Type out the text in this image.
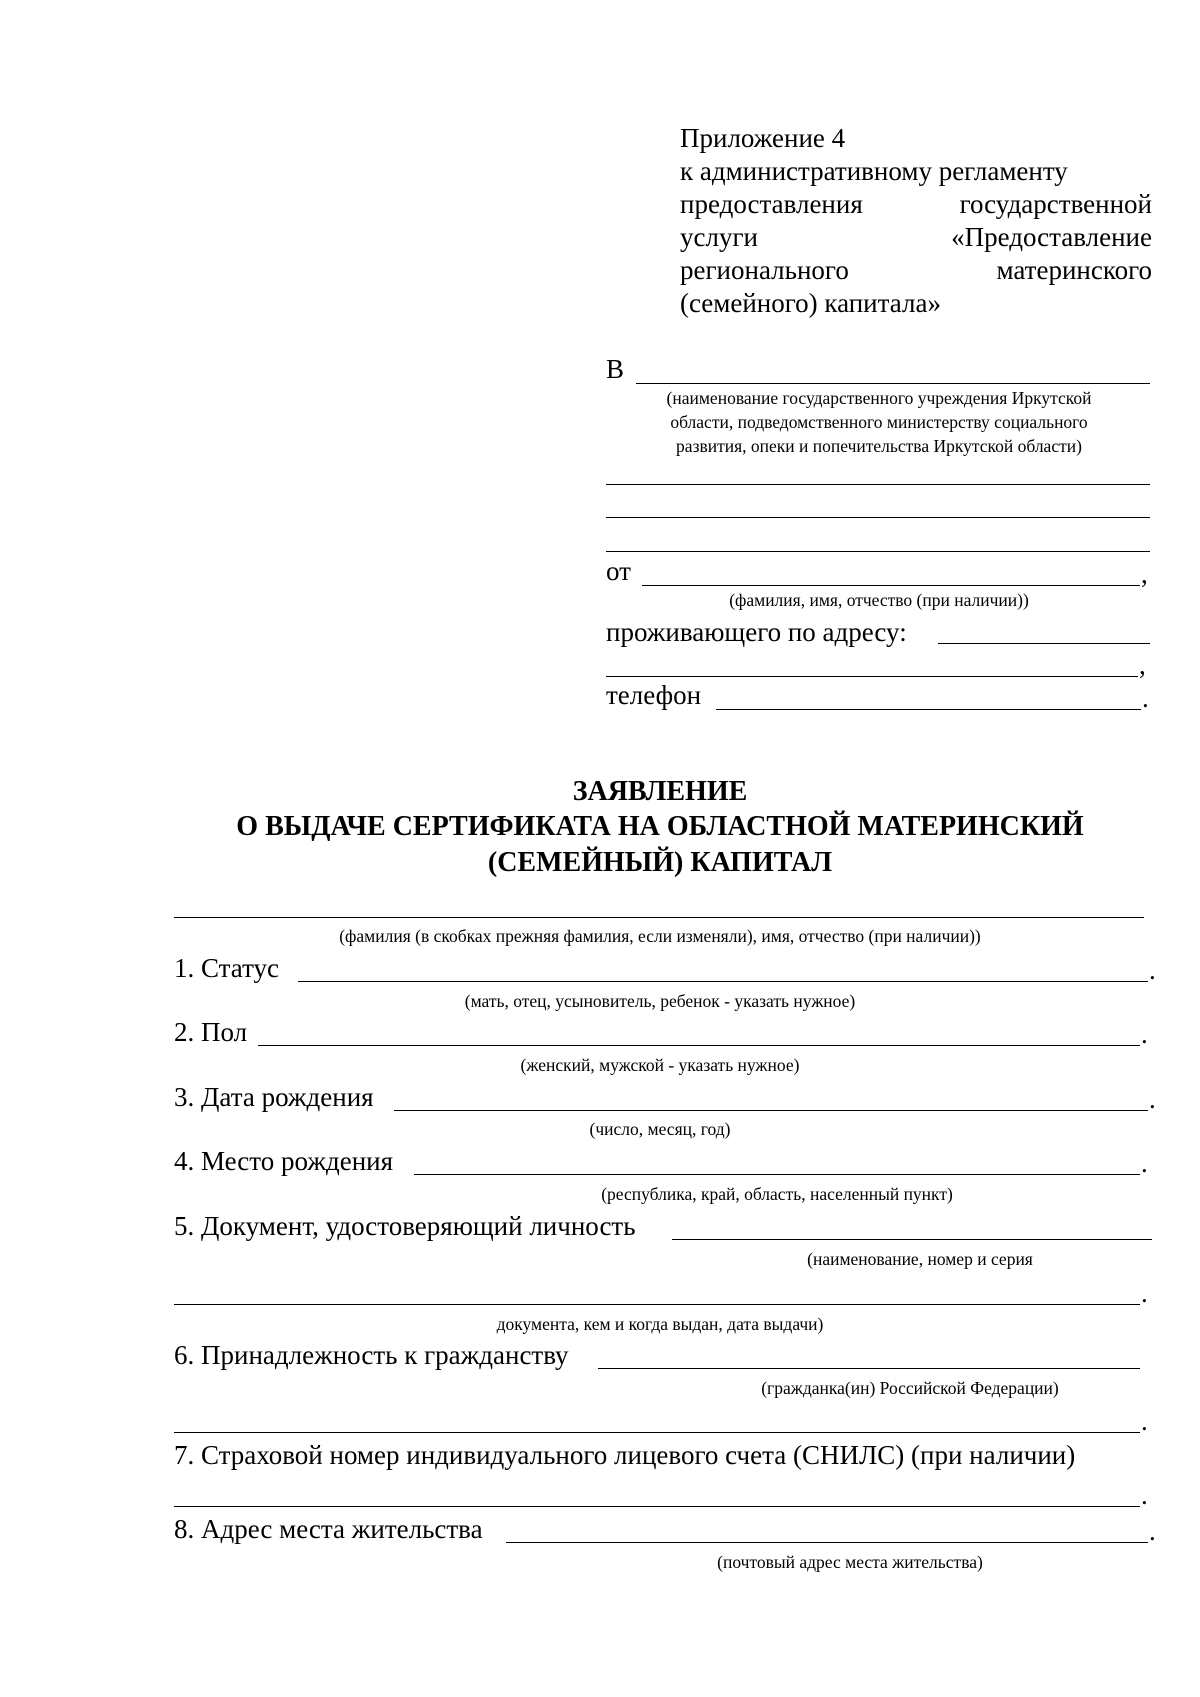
Приложение 4
к административному регламенту
предоставления	государственной
услуги	«Предоставление
регионального	материнского
(семейного) капитала»
В
(наименование государственного учреждения Иркутской
области, подведомственного министерству социального
развития, опеки и попечительства Иркутской области)
от	,
(фамилия, имя, отчество (при наличии))
проживающего по адресу:
,
телефон	.
ЗАЯВЛЕНИЕ
О ВЫДАЧЕ СЕРТИФИКАТА НА ОБЛАСТНОЙ МАТЕРИНСКИЙ
(СЕМЕЙНЫЙ) КАПИТАЛ
(фамилия (в скобках прежняя фамилия, если изменяли), имя, отчество (при наличии))
1. Статус	.
(мать, отец, усыновитель, ребенок - указать нужное)
2. Пол	.
(женский, мужской - указать нужное)
3. Дата рождения	.
(число, месяц, год)
4. Место рождения	.
(республика, край, область, населенный пункт)
5. Документ, удостоверяющий личность
(наименование, номер и серия
.
документа, кем и когда выдан, дата выдачи)
6. Принадлежность к гражданству
(гражданка(ин) Российской Федерации)
.
7. Страховой номер индивидуального лицевого счета (СНИЛС) (при наличии)
.
8. Адрес места жительства	.
(почтовый адрес места жительства)
